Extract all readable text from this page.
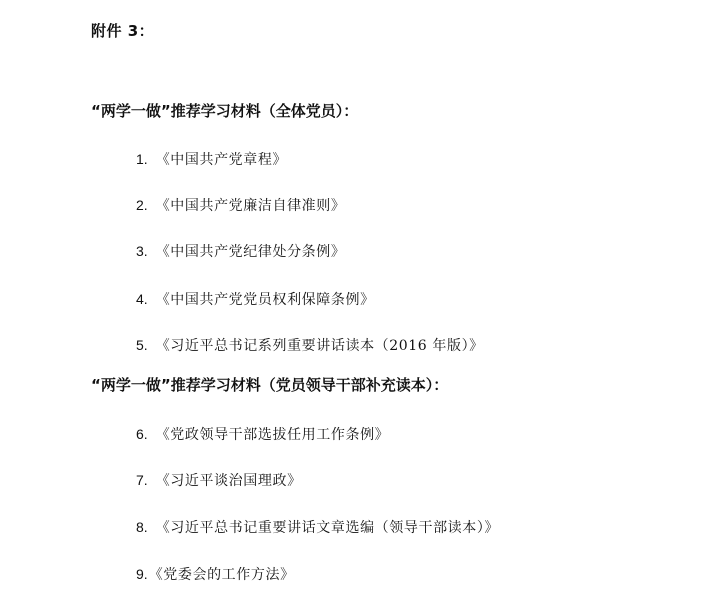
附件 3：
“两学一做”推荐学习材料（全体党员）：
1. 《中国共产党章程》
2. 《中国共产党廉洁自律准则》
3. 《中国共产党纪律处分条例》
4. 《中国共产党党员权利保障条例》
5. 《习近平总书记系列重要讲话读本（2016 年版）》
“两学一做”推荐学习材料（党员领导干部补充读本）：
6. 《党政领导干部选拔任用工作条例》
7. 《习近平谈治国理政》
8. 《习近平总书记重要讲话文章选编（领导干部读本）》
9.《党委会的工作方法》
